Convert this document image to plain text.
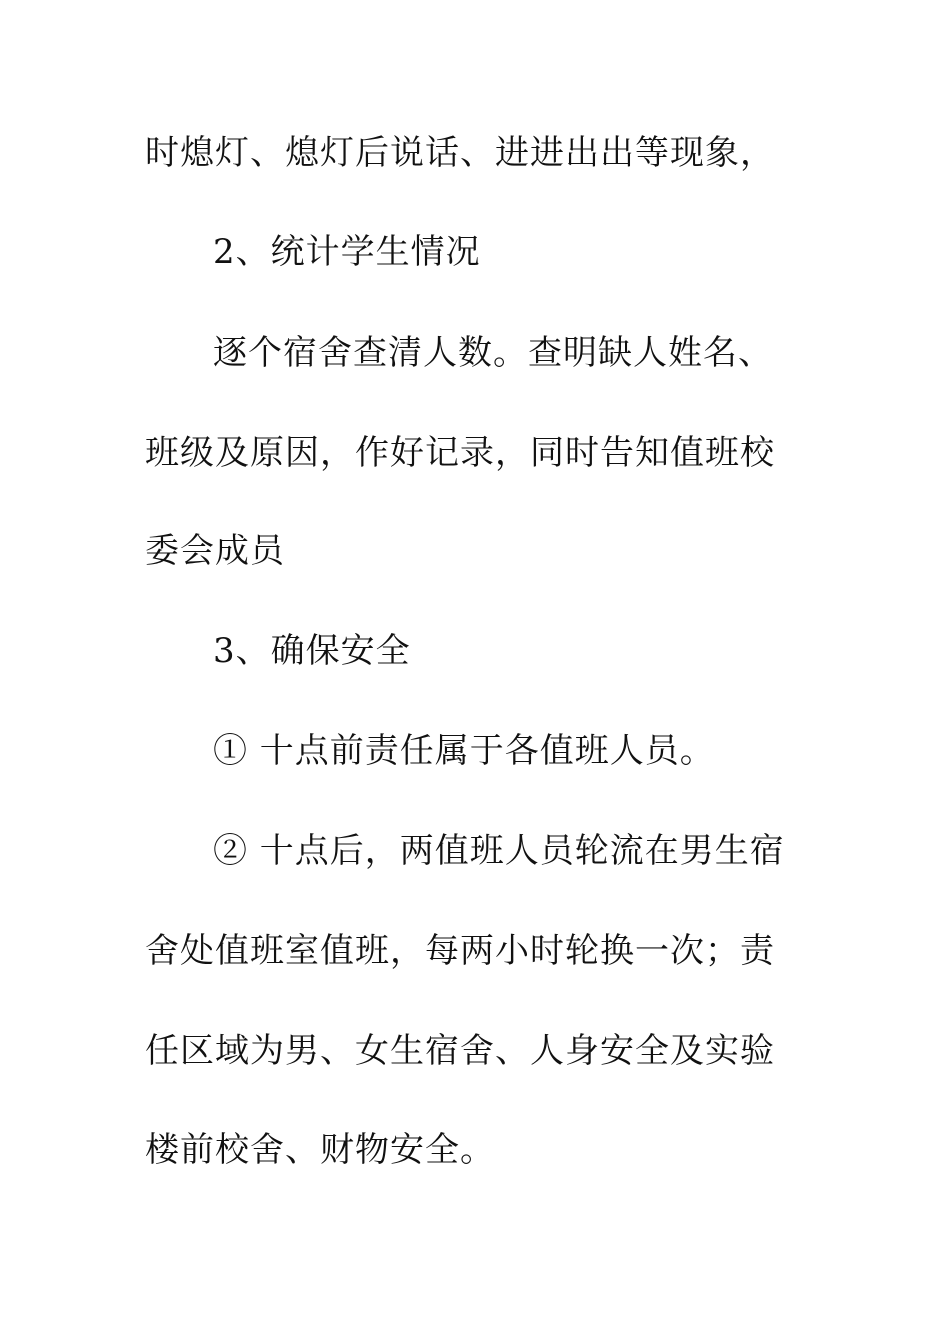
时熄灯、熄灯后说话、进进出出等现象，
2、统计学生情况
逐个宿舍查清人数。查明缺人姓名、
班级及原因，作好记录，同时告知值班校
委会成员
3、确保安全
① 十点前责任属于各值班人员。
② 十点后，两值班人员轮流在男生宿
舍处值班室值班，每两小时轮换一次；责
任区域为男、女生宿舍、人身安全及实验
楼前校舍、财物安全。
